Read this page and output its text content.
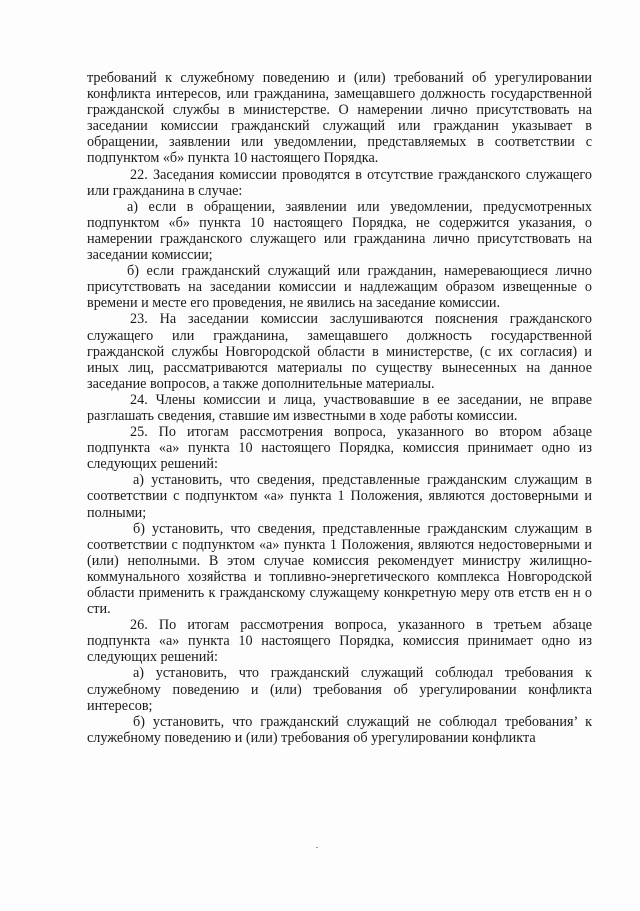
требований к служебному поведению и (или) требований об урегулировании конфликта интересов, или гражданина, замещавшего должность государственной гражданской службы в министерстве. О намерении лично присутствовать на заседании комиссии гражданский служащий или гражданин указывает в обращении, заявлении или уведомлении, представляемых в соответствии с подпунктом «б» пункта 10 настоящего Порядка.

22. Заседания комиссии проводятся в отсутствие гражданского служащего или гражданина в случае:

а) если в обращении, заявлении или уведомлении, предусмотренных подпунктом «б» пункта 10 настоящего Порядка, не содержится указания, о намерении гражданского служащего или гражданина лично присутствовать на заседании комиссии;

б) если гражданский служащий или гражданин, намеревающиеся лично присутствовать на заседании комиссии и надлежащим образом извещенные о времени и месте его проведения, не явились на заседание комиссии.

23. На заседании комиссии заслушиваются пояснения гражданского служащего или гражданина, замещавшего должность государственной гражданской службы Новгородской области в министерстве, (с их согласия) и иных лиц, рассматриваются материалы по существу вынесенных на данное заседание вопросов, а также дополнительные материалы.

24. Члены комиссии и лица, участвовавшие в ее заседании, не вправе разглашать сведения, ставшие им известными в ходе работы комиссии.

25. По итогам рассмотрения вопроса, указанного во втором абзаце подпункта «а» пункта 10 настоящего Порядка, комиссия принимает одно из следующих решений:

а) установить, что сведения, представленные гражданским служащим в соответствии с подпунктом «а» пункта 1 Положения, являются достоверными и полными;

б) установить, что сведения, представленные гражданским служащим в соответствии с подпунктом «а» пункта 1 Положения, являются недостоверными и (или) неполными. В этом случае комиссия рекомендует министру жилищно-коммунального хозяйства и топливно-энергетического комплекса Новгородской области применить к гражданскому служащему конкретную меру отв етств ен н о сти.

26. По итогам рассмотрения вопроса, указанного в третьем абзаце подпункта «а» пункта 10 настоящего Порядка, комиссия принимает одно из следующих решений:

а) установить, что гражданский служащий соблюдал требования к служебному поведению и (или) требования об урегулировании конфликта интересов;

б) установить, что гражданский служащий не соблюдал требования’ к служебному поведению и (или) требования об урегулировании конфликта
